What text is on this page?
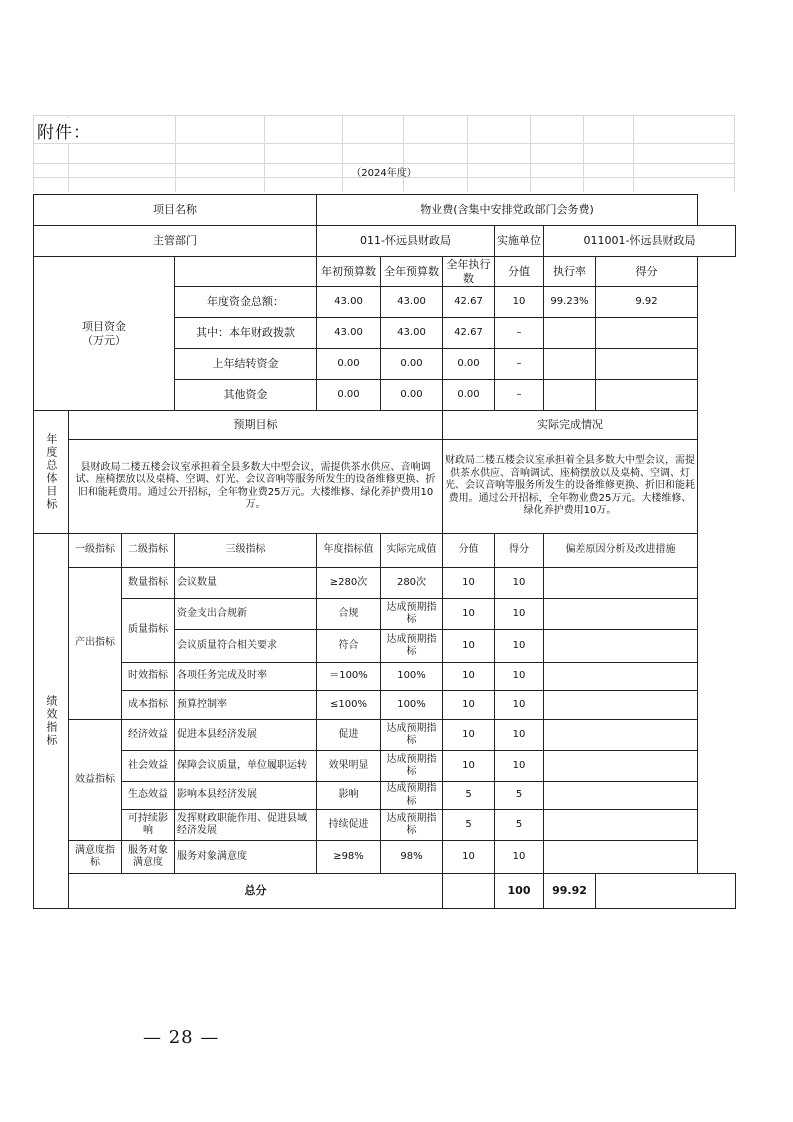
附件：
（2024年度）
项目名称				物业费(含集中安排党政部门会务费)					
主管部门				011-怀远县财政局			实施单位	011001-怀远县财政局	
项目资金
（万元）				年初预算数	全年预算数	全年执行数	分值	执行率	得分
			年度资金总额：	43.00	43.00	42.67	10	99.23%	9.92
			其中：本年财政拨款	43.00	43.00	42.67	–		
			上年结转资金	0.00	0.00	0.00	–		
			其他资金	0.00	0.00	0.00	–		

年度总体目标	预期目标					实际完成情况			
	县财政局二楼五楼会议室承担着全县多数大中型会议，需提供茶水供应、音响调试、座椅摆放以及桌椅、空调、灯光、会议音响等服务所发生的设备维修更换、折旧和能耗费用。通过公开招标，全年物业费25万元。大楼维修、绿化养护费用10万。					财政局二楼五楼会议室承担着全县多数大中型会议，需提供茶水供应、音响调试、座椅摆放以及桌椅、空调、灯光、会议音响等服务所发生的设备维修更换、折旧和能耗费用。通过公开招标，全年物业费25万元。大楼维修、绿化养护费用10万。			

绩效指标	一级指标	二级指标	三级指标	年度指标值	实际完成值	分值	得分	偏差原因分析及改进措施	
	产出指标	数量指标	会议数量	≥280次	280次	10	10		
		质量指标	资金支出合规新	合规	达成预期指标	10	10		
			会议质量符合相关要求	符合	达成预期指标	10	10		
		时效指标	各项任务完成及时率	＝100%	100%	10	10		
		成本指标	预算控制率	≤100%	100%	10	10		
	效益指标	经济效益	促进本县经济发展	促进	达成预期指标	10	10		
		社会效益	保障会议质量，单位履职运转	效果明显	达成预期指标	10	10		
		生态效益	影响本县经济发展	影响	达成预期指标	5	5		
		可持续影响	发挥财政职能作用、促进县域经济发展	持续促进	达成预期指标	5	5		
	满意度指标	服务对象满意度	服务对象满意度	≥98%	98%	10	10		
	总分						100	99.92	
— 28 —
